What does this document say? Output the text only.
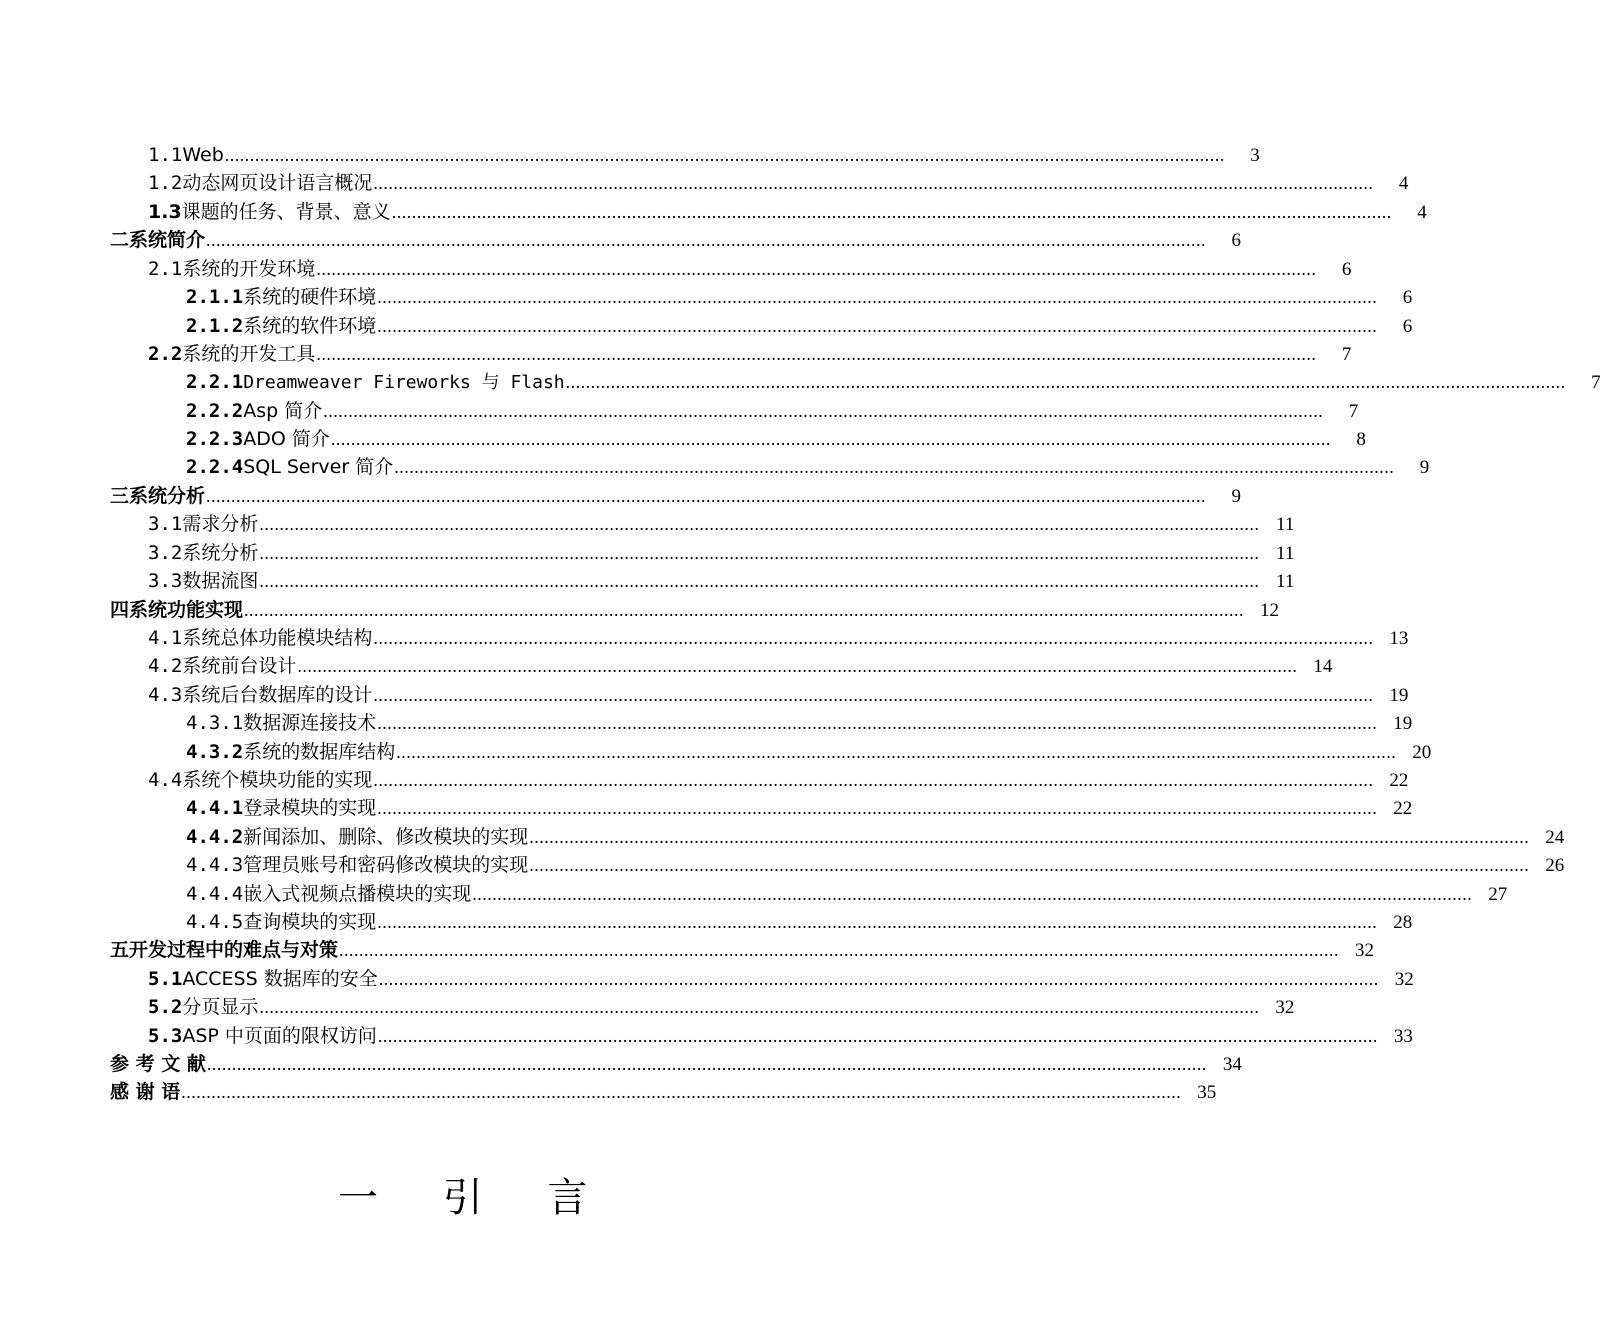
1.1 Web ........................................................................................................................................................................................................	3
1.2 动态网页设计语言概况 ........................................................................................................................................................................................................	4
1.3 课题的任务、背景、意义 ........................................................................................................................................................................................................	4
二 系统简介 ........................................................................................................................................................................................................	6
2.1 系统的开发环境 ........................................................................................................................................................................................................	6
2.1.1 系统的硬件环境 ........................................................................................................................................................................................................	6
2.1.2 系统的软件环境 ........................................................................................................................................................................................................	6
2.2 系统的开发工具 ........................................................................................................................................................................................................	7
2.2.1 Dreamweaver Fireworks 与 Flash ........................................................................................................................................................................................................	7
2.2.2 Asp 简介 ........................................................................................................................................................................................................	7
2.2.3 ADO 简介 ........................................................................................................................................................................................................	8
2.2.4 SQL Server 简介 ........................................................................................................................................................................................................	9
三 系统分析 ........................................................................................................................................................................................................	9
3.1 需求分析 ........................................................................................................................................................................................................ 11
3.2 系统分析 ........................................................................................................................................................................................................ 11
3.3 数据流图 ........................................................................................................................................................................................................ 11
四 系统功能实现 ........................................................................................................................................................................................................ 12
4.1 系统总体功能模块结构 ........................................................................................................................................................................................................ 13
4.2 系统前台设计 ........................................................................................................................................................................................................ 14
4.3 系统后台数据库的设计 ........................................................................................................................................................................................................ 19
4.3.1 数据源连接技术 ........................................................................................................................................................................................................ 19
4.3.2 系统的数据库结构 ........................................................................................................................................................................................................ 20
4.4 系统个模块功能的实现 ........................................................................................................................................................................................................ 22
4.4.1 登录模块的实现 ........................................................................................................................................................................................................ 22
4.4.2 新闻添加、删除、修改模块的实现 ........................................................................................................................................................................................................ 24
4.4.3 管理员账号和密码修改模块的实现 ........................................................................................................................................................................................................ 26
4.4.4 嵌入式视频点播模块的实现 ........................................................................................................................................................................................................ 27
4.4.5 查询模块的实现 ........................................................................................................................................................................................................ 28
五 开发过程中的难点与对策 ........................................................................................................................................................................................................ 32
5.1 ACCESS 数据库的安全 ........................................................................................................................................................................................................ 32
5.2 分页显示 ........................................................................................................................................................................................................ 32
5.3 ASP 中页面的限权访问 ........................................................................................................................................................................................................ 33
参 考 文 献 ........................................................................................................................................................................................................ 34
感 谢 语 ........................................................................................................................................................................................................ 35
一 引 言
